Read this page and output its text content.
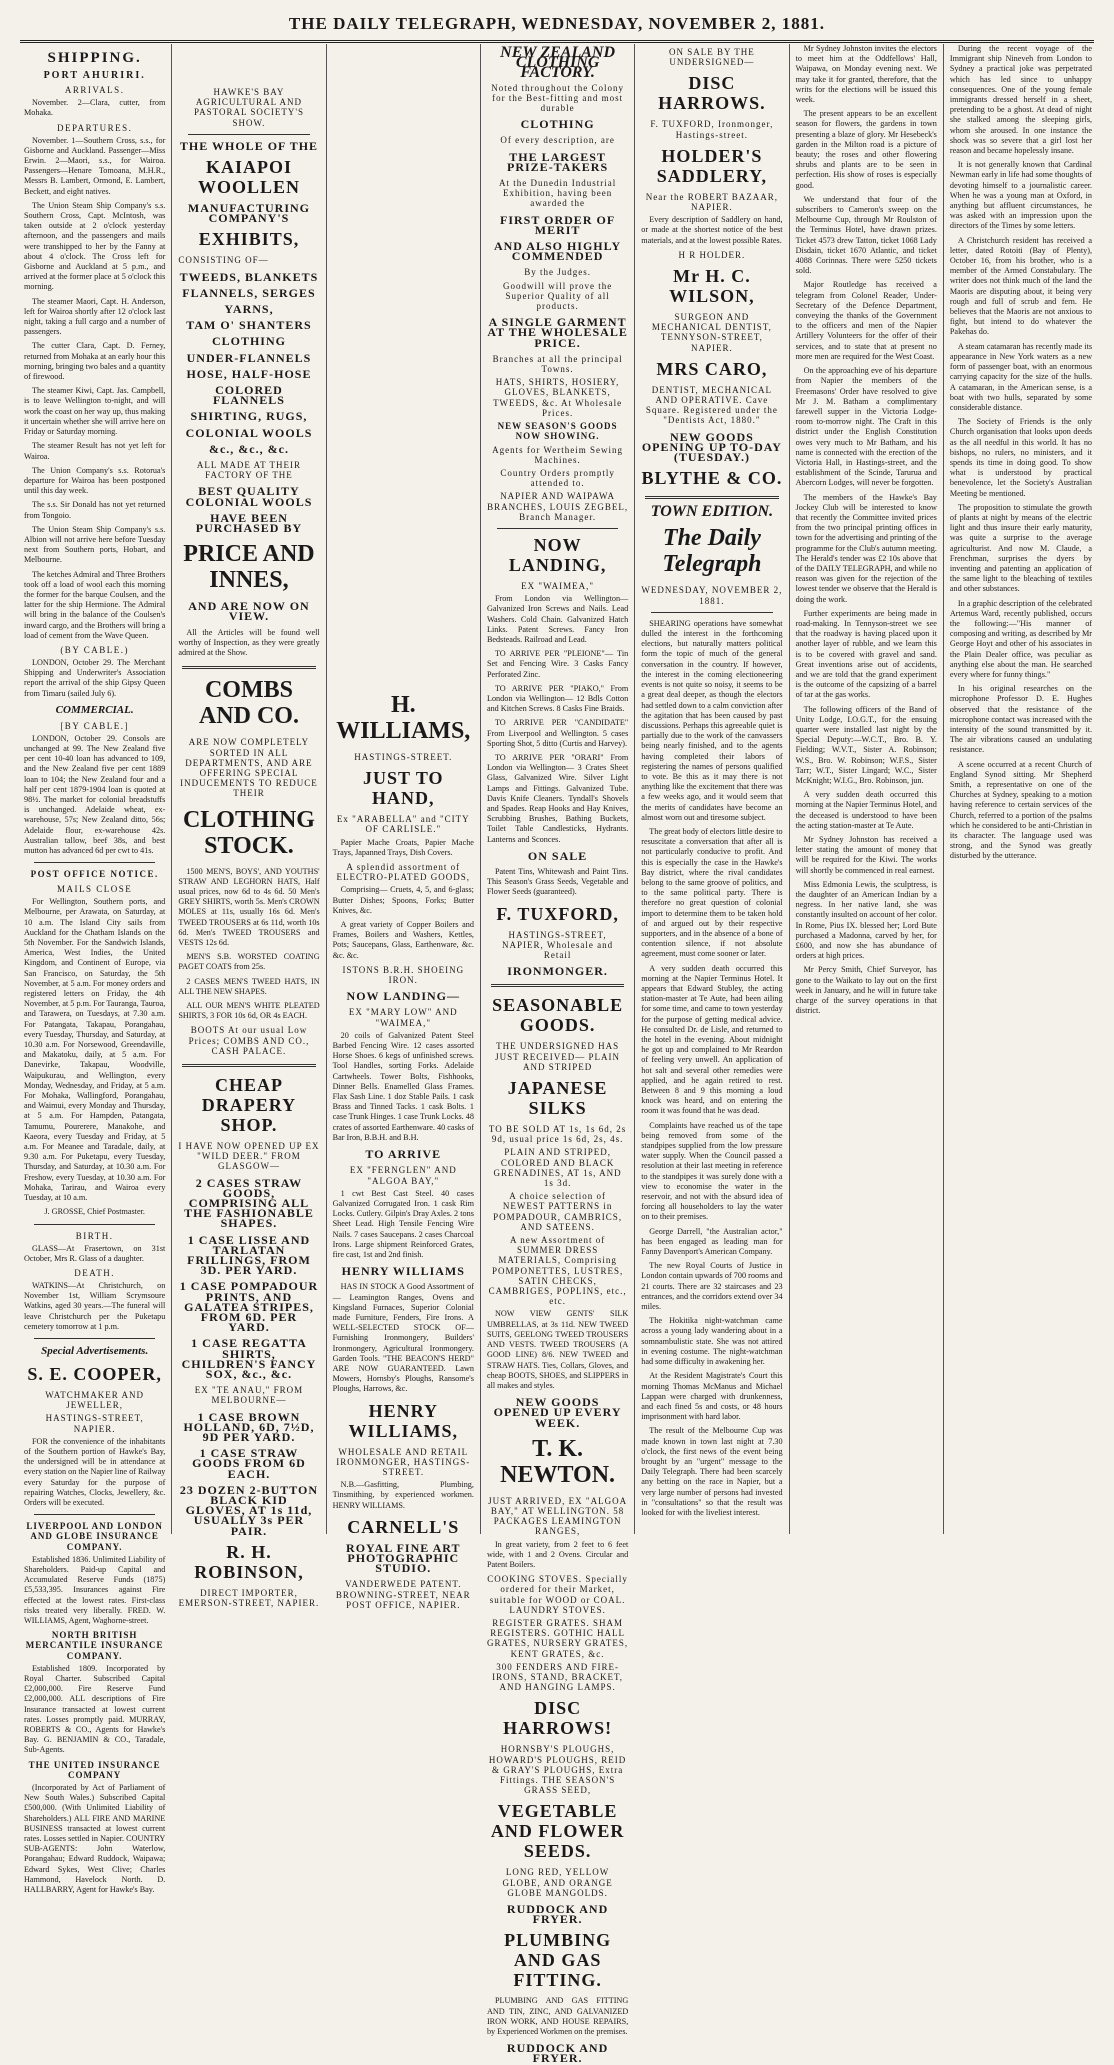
THE DAILY TELEGRAPH, WEDNESDAY, NOVEMBER 2, 1881.
SHIPPING.
PORT AHURIRI.
ARRIVALS.

November. 2—Clara, cutter, from Mohaka.

DEPARTURES.

November. 1—Southern Cross, s.s., for Gisborne and Auckland. Passenger—Miss Erwin. 2—Maori, s.s., for Wairoa. Passengers—Henare Tomoana, M.H.R., Messrs B. Lambert, Ormond, E. Lambert, Beckett, and eight natives.

The Union Steam Ship Company's s.s. Southern Cross, Capt. McIntosh, was taken outside at 2 o'clock yesterday afternoon, and the passengers and mails were transhipped to her by the Fanny at about 4 o'clock. The Cross left for Gisborne and Auckland at 5 p.m., and arrived at the former place at 5 o'clock this morning.

The steamer Maori, Capt. H. Anderson, left for Wairoa shortly after 12 o'clock last night, taking a full cargo and a number of passengers.

The cutter Clara, Capt. D. Ferney, returned from Mohaka at an early hour this morning, bringing two bales and a quantity of firewood.

The steamer Kiwi, Capt. Jas. Campbell, is to leave Wellington to-night, and will work the coast on her way up, thus making it uncertain whether she will arrive here on Friday or Saturday morning.

The steamer Result has not yet left for Wairoa.

The Union Company's s.s. Rotorua's departure for Wairoa has been postponed until this day week.

The s.s. Sir Donald has not yet returned from Tongoio.

The Union Steam Ship Company's s.s. Albion will not arrive here before Tuesday next from Southern ports, Hobart, and Melbourne.

The ketches Admiral and Three Brothers took off a load of wool each this morning the former for the barque Coulsen, and the latter for the ship Hermione. The Admiral will bring in the balance of the Coulsen's inward cargo, and the Brothers will bring a load of cement from the Wave Queen.

(BY CABLE.)

LONDON, October 29. The Merchant Shipping and Underwriter's Association report the arrival of the ship Gipsy Queen from Timaru (sailed July 6).

COMMERCIAL.
[BY CABLE.]

LONDON, October 29. Consols are unchanged at 99. The New Zealand five per cent 10-40 loan has advanced to 109, and the New Zealand five per cent 1889 loan to 104; the New Zealand four and a half per cent 1879-1904 loan is quoted at 98½. The market for colonial breadstuffs is unchanged. Adelaide wheat, ex-warehouse, 57s; New Zealand ditto, 56s; Adelaide flour, ex-warehouse 42s. Australian tallow, beef 38s, and best mutton has advanced 6d per cwt to 41s.

POST OFFICE NOTICE.
MAILS CLOSE

For Wellington, Southern ports, and Melbourne, per Arawata, on Saturday, at 10 a.m. The Island City sails from Auckland for the Chatham Islands on the 5th November. For the Sandwich Islands, America, West Indies, the United Kingdom, and Continent of Europe, via San Francisco, on Saturday, the 5th November, at 5 a.m. For money orders and registered letters on Friday, the 4th November, at 5 p.m. For Tauranga, Tauroa, and Tarawera, on Tuesdays, at 7.30 a.m. For Patangata, Takapau, Porangahau, every Tuesday, Thursday, and Saturday, at 10.30 a.m. For Norsewood, Greendaville, and Makatoku, daily, at 5 a.m. For Danevirke, Takapau, Woodville, Waipukurau, and Wellington, every Monday, Wednesday, and Friday, at 5 a.m. For Mohaka, Wallingford, Porangahau, and Waimui, every Monday and Thursday, at 5 a.m. For Hampden, Patangata, Tamumu, Pourerere, Manakohe, and Kaeora, every Tuesday and Friday, at 5 a.m. For Meanee and Taradale, daily, at 9.30 a.m. For Puketapu, every Tuesday, Thursday, and Saturday, at 10.30 a.m. For Freshow, every Tuesday, at 10.30 a.m. For Mohaka, Tarirau, and Wairoa every Tuesday, at 10 a.m.

J. GROSSE, Chief Postmaster.
BIRTH.

GLASS—At Frasertown, on 31st October, Mrs R. Glass of a daughter.

DEATH.

WATKINS—At Christchurch, on November 1st, William Scrymsoure Watkins, aged 30 years.—The funeral will leave Christchurch per the Puketapu cemetery tomorrow at 1 p.m.

Special Advertisements.
S. E. COOPER,
WATCHMAKER AND JEWELLER,
HASTINGS-STREET, NAPIER.

FOR the convenience of the inhabitants of the Southern portion of Hawke's Bay, the undersigned will be in attendance at every station on the Napier line of Railway every Saturday for the purpose of repairing Watches, Clocks, Jewellery, &c. Orders will be executed.

LIVERPOOL AND LONDON AND GLOBE INSURANCE COMPANY.

Established 1836. Unlimited Liability of Shareholders. Paid-up Capital and Accumulated Reserve Funds (1875) £5,533,395. Insurances against Fire effected at the lowest rates. First-class risks treated very liberally. FRED. W. WILLIAMS, Agent, Waghorne-street.

NORTH BRITISH MERCANTILE INSURANCE COMPANY.

Established 1809. Incorporated by Royal Charter. Subscribed Capital £2,000,000. Fire Reserve Fund £2,000,000. ALL descriptions of Fire Insurance transacted at lowest current rates. Losses promptly paid. MURRAY, ROBERTS & CO., Agents for Hawke's Bay. G. BENJAMIN & CO., Taradale, Sub-Agents.

THE UNITED INSURANCE COMPANY

(Incorporated by Act of Parliament of New South Wales.) Subscribed Capital £500,000. (With Unlimited Liability of Shareholders.) ALL FIRE AND MARINE BUSINESS transacted at lowest current rates. Losses settled in Napier. COUNTRY SUB-AGENTS: John Waterlow, Porangahau; Edward Ruddock, Waipawa; Edward Sykes, West Clive; Charles Hammond, Havelock North. D. HALLBARRY, Agent for Hawke's Bay.

HAWKE'S BAY AGRICULTURAL AND PASTORAL SOCIETY'S SHOW.
THE WHOLE OF THE
KAIAPOI WOOLLEN
MANUFACTURING COMPANY'S
EXHIBITS,
CONSISTING OF—
TWEEDS, BLANKETS
FLANNELS, SERGES
YARNS,
TAM O' SHANTERS
CLOTHING
UNDER-FLANNELS
HOSE, HALF-HOSE
COLORED FLANNELS
SHIRTING, RUGS,
COLONIAL WOOLS
&c., &c., &c.
ALL MADE AT THEIR FACTORY OF THE
BEST QUALITY COLONIAL WOOLS
HAVE BEEN PURCHASED BY
PRICE AND INNES,
AND ARE NOW ON VIEW.

All the Articles will be found well worthy of Inspection, as they were greatly admired at the Show.

COMBS AND CO.
ARE NOW COMPLETELY SORTED IN ALL DEPARTMENTS, AND ARE OFFERING SPECIAL INDUCEMENTS TO REDUCE THEIR
CLOTHING STOCK.

1500 MEN'S, BOYS', AND YOUTHS' STRAW AND LEGHORN HATS, Half usual prices, now 6d to 4s 6d. 50 Men's GREY SHIRTS, worth 5s. Men's CROWN MOLES at 11s, usually 16s 6d. Men's TWEED TROUSERS at 6s 11d, worth 10s 6d. Men's TWEED TROUSERS and VESTS 12s 6d.

MEN'S S.B. WORSTED COATING PAGET COATS from 25s.

2 CASES MEN'S TWEED HATS, IN ALL THE NEW SHAPES.

ALL OUR MEN'S WHITE PLEATED SHIRTS, 3 FOR 10s 6d, OR 4s EACH.

BOOTS At our usual Low Prices; COMBS AND CO., CASH PALACE.
CHEAP DRAPERY SHOP.
I HAVE NOW OPENED UP EX "WILD DEER." FROM GLASGOW—
2 CASES STRAW GOODS, COMPRISING ALL THE FASHIONABLE SHAPES.
1 CASE LISSE AND TARLATAN FRILLINGS, FROM 3D. PER YARD.
1 CASE POMPADOUR PRINTS, AND GALATEA STRIPES, FROM 6D. PER YARD.
1 CASE REGATTA SHIRTS, CHILDREN'S FANCY SOX, &c., &c.
EX "TE ANAU," FROM MELBOURNE—
1 CASE BROWN HOLLAND, 6D, 7½D, 9D PER YARD.
1 CASE STRAW GOODS FROM 6D EACH.
23 DOZEN 2-BUTTON BLACK KID GLOVES, AT 1s 11d, USUALLY 3s PER PAIR.
R. H. ROBINSON,
DIRECT IMPORTER, EMERSON-STREET, NAPIER.
H. WILLIAMS,
HASTINGS-STREET.
JUST TO HAND,
Ex "ARABELLA" and "CITY OF CARLISLE."

Papier Mache Croats, Papier Mache Trays, Japanned Trays, Dish Covers.

A splendid assortment of ELECTRO-PLATED GOODS,

Comprising— Cruets, 4, 5, and 6-glass; Butter Dishes; Spoons, Forks; Butter Knives, &c.

A great variety of Copper Boilers and Frames, Boilers and Washers, Kettles, Pots; Saucepans, Glass, Earthenware, &c. &c. &c.

ISTONS B.R.H. SHOEING IRON.
NOW LANDING—
EX "MARY LOW" AND "WAIMEA,"

20 coils of Galvanized Patent Steel Barbed Fencing Wire. 12 cases assorted Horse Shoes. 6 kegs of unfinished screws. Tool Handles, sorting Forks. Adelaide Cartwheels. Tower Bolts, Fishhooks, Dinner Bells. Enamelled Glass Frames. Flax Sash Line. 1 doz Stable Pails. 1 cask Brass and Tinned Tacks. 1 cask Bolts. 1 case Trunk Hinges. 1 case Trunk Locks. 48 crates of assorted Earthenware. 40 casks of Bar Iron, B.B.H. and B.H.

TO ARRIVE
EX "FERNGLEN" AND "ALGOA BAY,"

1 cwt Best Cast Steel. 40 cases Galvanized Corrugated Iron. 1 cask Rim Locks. Cutlery. Gilpin's Dray Axles. 2 tons Sheet Lead. High Tensile Fencing Wire Nails. 7 cases Saucepans. 2 cases Charcoal Irons. Large shipment Reinforced Grates, fire cast, 1st and 2nd finish.

HENRY WILLIAMS

HAS IN STOCK A Good Assortment of— Leamington Ranges, Ovens and Kingsland Furnaces, Superior Colonial made Furniture, Fenders, Fire Irons. A WELL-SELECTED STOCK OF— Furnishing Ironmongery, Builders' Ironmongery, Agricultural Ironmongery. Garden Tools. "THE BEACON'S HERD" ARE NOW GUARANTEED. Lawn Mowers, Hornsby's Ploughs, Ransome's Ploughs, Harrows, &c.

HENRY WILLIAMS,
WHOLESALE AND RETAIL IRONMONGER, HASTINGS-STREET.

N.B.—Gasfitting, Plumbing, Tinsmithing, by experienced workmen. HENRY WILLIAMS.

CARNELL'S
ROYAL FINE ART PHOTOGRAPHIC STUDIO.
VANDERWEDE PATENT. BROWNING-STREET, NEAR POST OFFICE, NAPIER.
NEW ZEALAND CLOTHING FACTORY.
Noted throughout the Colony for the Best-fitting and most durable
CLOTHING
Of every description, are
THE LARGEST PRIZE-TAKERS
At the Dunedin Industrial Exhibition, having been awarded the
FIRST ORDER OF MERIT
AND ALSO HIGHLY COMMENDED
By the Judges.
Goodwill will prove the Superior Quality of all products.
A SINGLE GARMENT AT THE WHOLESALE PRICE.
Branches at all the principal Towns.
HATS, SHIRTS, HOSIERY, GLOVES, BLANKETS, TWEEDS, &c. At Wholesale Prices.
NEW SEASON'S GOODS NOW SHOWING.
Agents for Wertheim Sewing Machines.
Country Orders promptly attended to.
NAPIER AND WAIPAWA BRANCHES, LOUIS ZEGBEL, Branch Manager.
NOW LANDING,
EX "WAIMEA,"

From London via Wellington— Galvanized Iron Screws and Nails. Lead Washers. Cold Chain. Galvanized Hatch Links. Patent Screws. Fancy Iron Bedsteads. Railroad and Lead.

TO ARRIVE PER "PLEIONE"— Tin Set and Fencing Wire. 3 Casks Fancy Perforated Zinc.

TO ARRIVE PER "PIAKO," From London via Wellington— 12 Bdls Cotton and Kitchen Screws. 8 Casks Fine Braids.

TO ARRIVE PER "CANDIDATE" From Liverpool and Wellington. 5 cases Sporting Shot, 5 ditto (Curtis and Harvey).

TO ARRIVE PER "ORARI" From London via Wellington— 3 Crates Sheet Glass, Galvanized Wire. Silver Light Lamps and Fittings. Galvanized Tube. Davis Knife Cleaners. Tyndall's Shovels and Spades. Reap Hooks and Hay Knives, Scrubbing Brushes, Bathing Buckets, Toilet Table Candlesticks, Hydrants. Lanterns and Sconces.

ON SALE

Patent Tins, Whitewash and Paint Tins. This Season's Grass Seeds, Vegetable and Flower Seeds (guaranteed).

F. TUXFORD,
HASTINGS-STREET, NAPIER, Wholesale and Retail
IRONMONGER.
SEASONABLE GOODS.
THE UNDERSIGNED HAS JUST RECEIVED— PLAIN AND STRIPED
JAPANESE SILKS
TO BE SOLD AT 1s, 1s 6d, 2s 9d, usual price 1s 6d, 2s, 4s.
PLAIN AND STRIPED, COLORED AND BLACK GRENADINES, AT 1s, AND 1s 3d.
A choice selection of NEWEST PATTERNS in POMPADOUR, CAMBRICS, AND SATEENS.
A new Assortment of SUMMER DRESS MATERIALS, Comprising POMPONETTES, LUSTRES, SATIN CHECKS, CAMBRIGES, POPLINS, etc., etc.

NOW VIEW GENTS' SILK UMBRELLAS, at 3s 11d. NEW TWEED SUITS, GEELONG TWEED TROUSERS AND VESTS. TWEED TROUSERS (A GOOD LINE) 8/6. NEW TWEED and STRAW HATS. Ties, Collars, Gloves, and cheap BOOTS, SHOES, and SLIPPERS in all makes and styles.

NEW GOODS OPENED UP EVERY WEEK.
T. K. NEWTON.
JUST ARRIVED, EX "ALGOA BAY," AT WELLINGTON. 58 PACKAGES LEAMINGTON RANGES,

In great variety, from 2 feet to 6 feet wide, with 1 and 2 Ovens. Circular and Patent Boilers.

COOKING STOVES. Specially ordered for their Market, suitable for WOOD or COAL. LAUNDRY STOVES.
REGISTER GRATES. SHAM REGISTERS. GOTHIC HALL GRATES, NURSERY GRATES, KENT GRATES, &c.
300 FENDERS AND FIRE-IRONS, STAND, BRACKET, AND HANGING LAMPS.
DISC HARROWS!
HORNSBY'S PLOUGHS, HOWARD'S PLOUGHS, REID & GRAY'S PLOUGHS, Extra Fittings. THE SEASON'S GRASS SEED,
VEGETABLE AND FLOWER SEEDS.
LONG RED, YELLOW GLOBE, AND ORANGE GLOBE MANGOLDS.
RUDDOCK AND FRYER.
PLUMBING AND GAS FITTING.

PLUMBING AND GAS FITTING AND TIN, ZINC, AND GALVANIZED IRON WORK, AND HOUSE REPAIRS, by Experienced Workmen on the premises.

RUDDOCK AND FRYER.
ON SALE BY THE UNDERSIGNED—
DISC HARROWS.
F. TUXFORD, Ironmonger, Hastings-street.
HOLDER'S SADDLERY,
Near the ROBERT BAZAAR, NAPIER.

Every description of Saddlery on hand, or made at the shortest notice of the best materials, and at the lowest possible Rates.

H R HOLDER.
Mr H. C. WILSON,
SURGEON AND MECHANICAL DENTIST, TENNYSON-STREET, NAPIER.
MRS CARO,
DENTIST, MECHANICAL AND OPERATIVE. Cave Square. Registered under the "Dentists Act, 1880."
NEW GOODS OPENING UP TO-DAY (TUESDAY.)
BLYTHE & CO.
TOWN EDITION.
The Daily Telegraph
WEDNESDAY, NOVEMBER 2, 1881.

SHEARING operations have somewhat dulled the interest in the forthcoming elections, but naturally matters political form the topic of much of the general conversation in the country. If however, the interest in the coming electioneering events is not quite so noisy, it seems to be a great deal deeper, as though the electors had settled down to a calm conviction after the agitation that has been caused by past discussions. Perhaps this agreeable quiet is partially due to the work of the canvassers being nearly finished, and to the agents having completed their labors of registering the names of persons qualified to vote. Be this as it may there is not anything like the excitement that there was a few weeks ago, and it would seem that the merits of candidates have become an almost worn out and tiresome subject.

The great body of electors little desire to resuscitate a conversation that after all is not particularly conducive to profit. And this is especially the case in the Hawke's Bay district, where the rival candidates belong to the same groove of politics, and to the same political party. There is therefore no great question of colonial import to determine them to be taken hold of and argued out by their respective supporters, and in the absence of a bone of contention silence, if not absolute agreement, must come sooner or later.

A very sudden death occurred this morning at the Napier Terminus Hotel. It appears that Edward Stubley, the acting station-master at Te Aute, had been ailing for some time, and came to town yesterday for the purpose of getting medical advice. He consulted Dr. de Lisle, and returned to the hotel in the evening. About midnight he got up and complained to Mr Reardon of feeling very unwell. An application of hot salt and several other remedies were applied, and he again retired to rest. Between 8 and 9 this morning a loud knock was heard, and on entering the room it was found that he was dead.

Complaints have reached us of the tape being removed from some of the standpipes supplied from the low pressure water supply. When the Council passed a resolution at their last meeting in reference to the standpipes it was surely done with a view to economise the water in the reservoir, and not with the absurd idea of forcing all householders to lay the water on to their premises.

George Darrell, "the Australian actor," has been engaged as leading man for Fanny Davenport's American Company.

The new Royal Courts of Justice in London contain upwards of 700 rooms and 21 courts. There are 32 staircases and 23 entrances, and the corridors extend over 34 miles.

The Hokitika night-watchman came across a young lady wandering about in a somnambulistic state. She was not attired in evening costume. The night-watchman had some difficulty in awakening her.

At the Resident Magistrate's Court this morning Thomas McManus and Michael Lappan were charged with drunkenness, and each fined 5s and costs, or 48 hours imprisonment with hard labor.

The result of the Melbourne Cup was made known in town last night at 7.30 o'clock, the first news of the event being brought by an "urgent" message to the Daily Telegraph. There had been scarcely any betting on the race in Napier, but a very large number of persons had invested in "consultations" so that the result was looked for with the liveliest interest.

Mr Sydney Johnston invites the electors to meet him at the Oddfellows' Hall, Waipawa, on Monday evening next. We may take it for granted, therefore, that the writs for the elections will be issued this week.

The present appears to be an excellent season for flowers, the gardens in town presenting a blaze of glory. Mr Hesebeck's garden in the Milton road is a picture of beauty; the roses and other flowering shrubs and plants are to be seen in perfection. His show of roses is especially good.

We understand that four of the subscribers to Cameron's sweep on the Melbourne Cup, through Mr Roulston of the Terminus Hotel, have drawn prizes. Ticket 4573 drew Tatton, ticket 1068 Lady Disdain, ticket 1670 Atlantic, and ticket 4088 Corinnas. There were 5250 tickets sold.

Major Routledge has received a telegram from Colonel Reader, Under-Secretary of the Defence Department, conveying the thanks of the Government to the officers and men of the Napier Artillery Volunteers for the offer of their services, and to state that at present no more men are required for the West Coast.

On the approaching eve of his departure from Napier the members of the Freemasons' Order have resolved to give Mr J. M. Batham a complimentary farewell supper in the Victoria Lodge-room to-morrow night. The Craft in this district under the English Constitution owes very much to Mr Batham, and his name is connected with the erection of the Victoria Hall, in Hastings-street, and the establishment of the Scinde, Tarurua and Abercorn Lodges, will never be forgotten.

The members of the Hawke's Bay Jockey Club will be interested to know that recently the Committee invited prices from the two principal printing offices in town for the advertising and printing of the programme for the Club's autumn meeting. The Herald's tender was £2 10s above that of the DAILY TELEGRAPH, and while no reason was given for the rejection of the lowest tender we observe that the Herald is doing the work.

Further experiments are being made in road-making. In Tennyson-street we see that the roadway is having placed upon it another layer of rubble, and we learn this is to be covered with gravel and sand. Great inventions arise out of accidents, and we are told that the grand experiment is the outcome of the capsizing of a barrel of tar at the gas works.

The following officers of the Band of Unity Lodge, I.O.G.T., for the ensuing quarter were installed last night by the Special Deputy:—W.C.T., Bro. B. Y. Fielding; W.V.T., Sister A. Robinson; W.S., Bro. W. Robinson; W.F.S., Sister Tarr; W.T., Sister Lingard; W.C., Sister McKnight; W.I.G., Bro. Robinson, jun.

A very sudden death occurred this morning at the Napier Terminus Hotel, and the deceased is understood to have been the acting station-master at Te Aute.

Mr Sydney Johnston has received a letter stating the amount of money that will be required for the Kiwi. The works will shortly be commenced in real earnest.

Miss Edmonia Lewis, the sculptress, is the daughter of an American Indian by a negress. In her native land, she was constantly insulted on account of her color. In Rome, Pius IX. blessed her; Lord Bute purchased a Madonna, carved by her, for £600, and now she has abundance of orders at high prices.

Mr Percy Smith, Chief Surveyor, has gone to the Waikato to lay out on the first week in January, and he will in future take charge of the survey operations in that district.

During the recent voyage of the Immigrant ship Nineveh from London to Sydney a practical joke was perpetrated which has led since to unhappy consequences. One of the young female immigrants dressed herself in a sheet, pretending to be a ghost. At dead of night she stalked among the sleeping girls, whom she aroused. In one instance the shock was so severe that a girl lost her reason and became hopelessly insane.

It is not generally known that Cardinal Newman early in life had some thoughts of devoting himself to a journalistic career. When he was a young man at Oxford, in anything but affluent circumstances, he was asked with an impression upon the directors of the Times by some letters.

A Christchurch resident has received a letter, dated Rotoiti (Bay of Plenty), October 16, from his brother, who is a member of the Armed Constabulary. The writer does not think much of the land the Maoris are disputing about, it being very rough and full of scrub and fern. He believes that the Maoris are not anxious to fight, but intend to do whatever the Pakehas do.

A steam catamaran has recently made its appearance in New York waters as a new form of passenger boat, with an enormous carrying capacity for the size of the hulls. A catamaran, in the American sense, is a boat with two hulls, separated by some considerable distance.

The Society of Friends is the only Church organisation that looks upon deeds as the all needful in this world. It has no bishops, no rulers, no ministers, and it spends its time in doing good. To show what is understood by practical benevolence, let the Society's Australian Meeting be mentioned.

The proposition to stimulate the growth of plants at night by means of the electric light and thus insure their early maturity, was quite a surprise to the average agriculturist. And now M. Claude, a Frenchman, surprises the dyers by inventing and patenting an application of the same light to the bleaching of textiles and other substances.

In a graphic description of the celebrated Artemus Ward, recently published, occurs the following:—"His manner of composing and writing, as described by Mr George Hoyt and other of his associates in the Plain Dealer office, was peculiar as anything else about the man. He searched every where for funny things."

In his original researches on the microphone Professor D. E. Hughes observed that the resistance of the microphone contact was increased with the intensity of the sound transmitted by it. The air vibrations caused an undulating resistance.

A scene occurred at a recent Church of England Synod sitting. Mr Shepherd Smith, a representative on one of the Churches at Sydney, speaking to a motion having reference to certain services of the Church, referred to a portion of the psalms which he considered to be anti-Christian in its character. The language used was strong, and the Synod was greatly disturbed by the utterance.
